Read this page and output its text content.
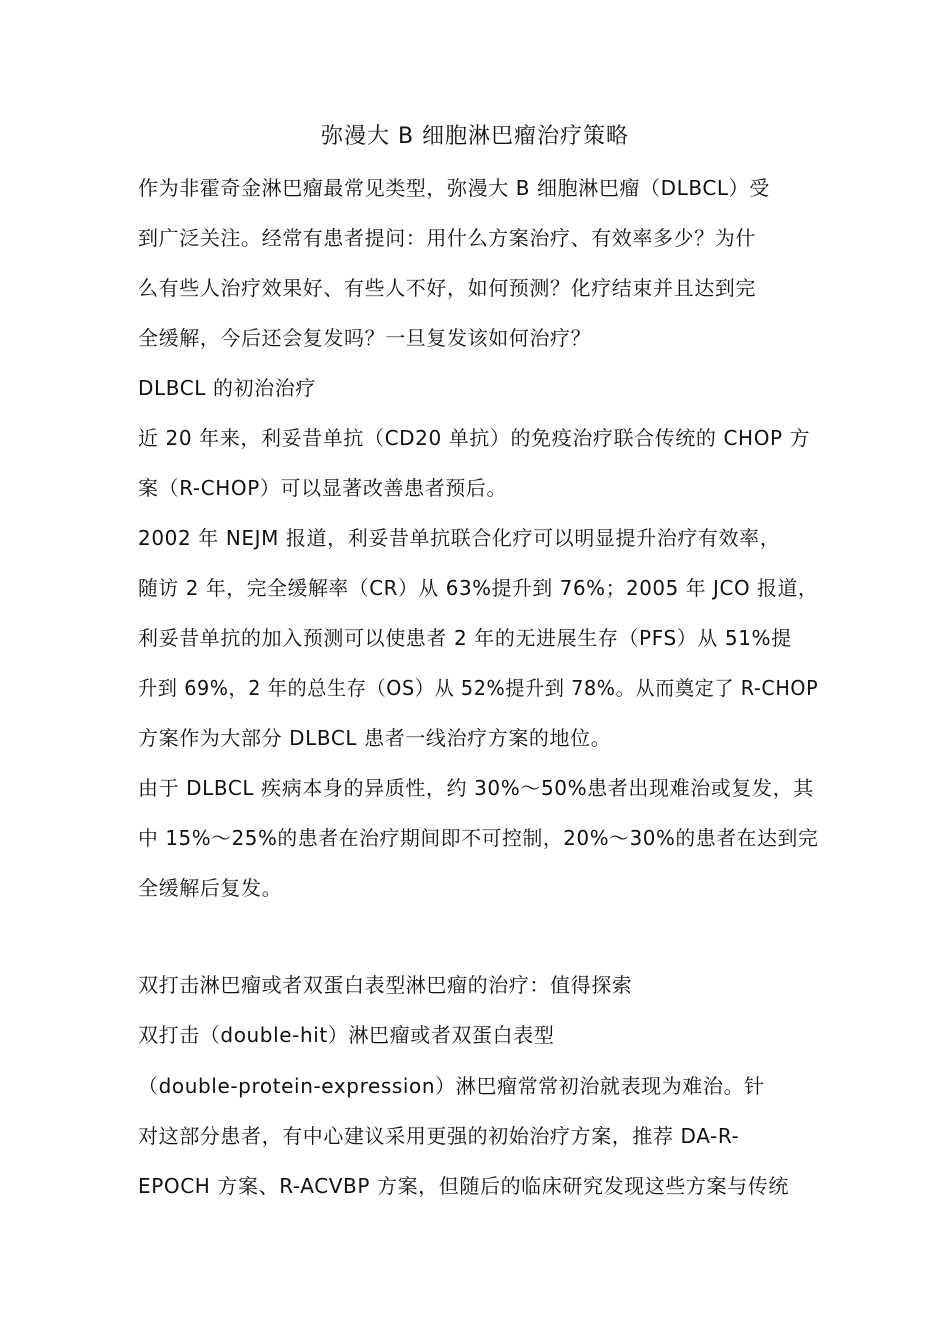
弥漫大 B 细胞淋巴瘤治疗策略
作为非霍奇金淋巴瘤最常见类型，弥漫大 B 细胞淋巴瘤（DLBCL）受
到广泛关注。经常有患者提问：用什么方案治疗、有效率多少？为什
么有些人治疗效果好、有些人不好，如何预测？化疗结束并且达到完
全缓解，今后还会复发吗？一旦复发该如何治疗？
DLBCL 的初治治疗
近 20 年来，利妥昔单抗（CD20 单抗）的免疫治疗联合传统的 CHOP 方
案（R-CHOP）可以显著改善患者预后。
2002 年 NEJM 报道，利妥昔单抗联合化疗可以明显提升治疗有效率，
随访 2 年，完全缓解率（CR）从 63%提升到 76%；2005 年 JCO 报道，
利妥昔单抗的加入预测可以使患者 2 年的无进展生存（PFS）从 51%提
升到 69%，2 年的总生存（OS）从 52%提升到 78%。从而奠定了 R-CHOP
方案作为大部分 DLBCL 患者一线治疗方案的地位。
由于 DLBCL 疾病本身的异质性，约 30%～50%患者出现难治或复发，其
中 15%～25%的患者在治疗期间即不可控制，20%～30%的患者在达到完
全缓解后复发。
双打击淋巴瘤或者双蛋白表型淋巴瘤的治疗：值得探索
双打击（double-hit）淋巴瘤或者双蛋白表型
（double-protein-expression）淋巴瘤常常初治就表现为难治。针
对这部分患者，有中心建议采用更强的初始治疗方案，推荐 DA-R-
EPOCH 方案、R-ACVBP 方案，但随后的临床研究发现这些方案与传统
